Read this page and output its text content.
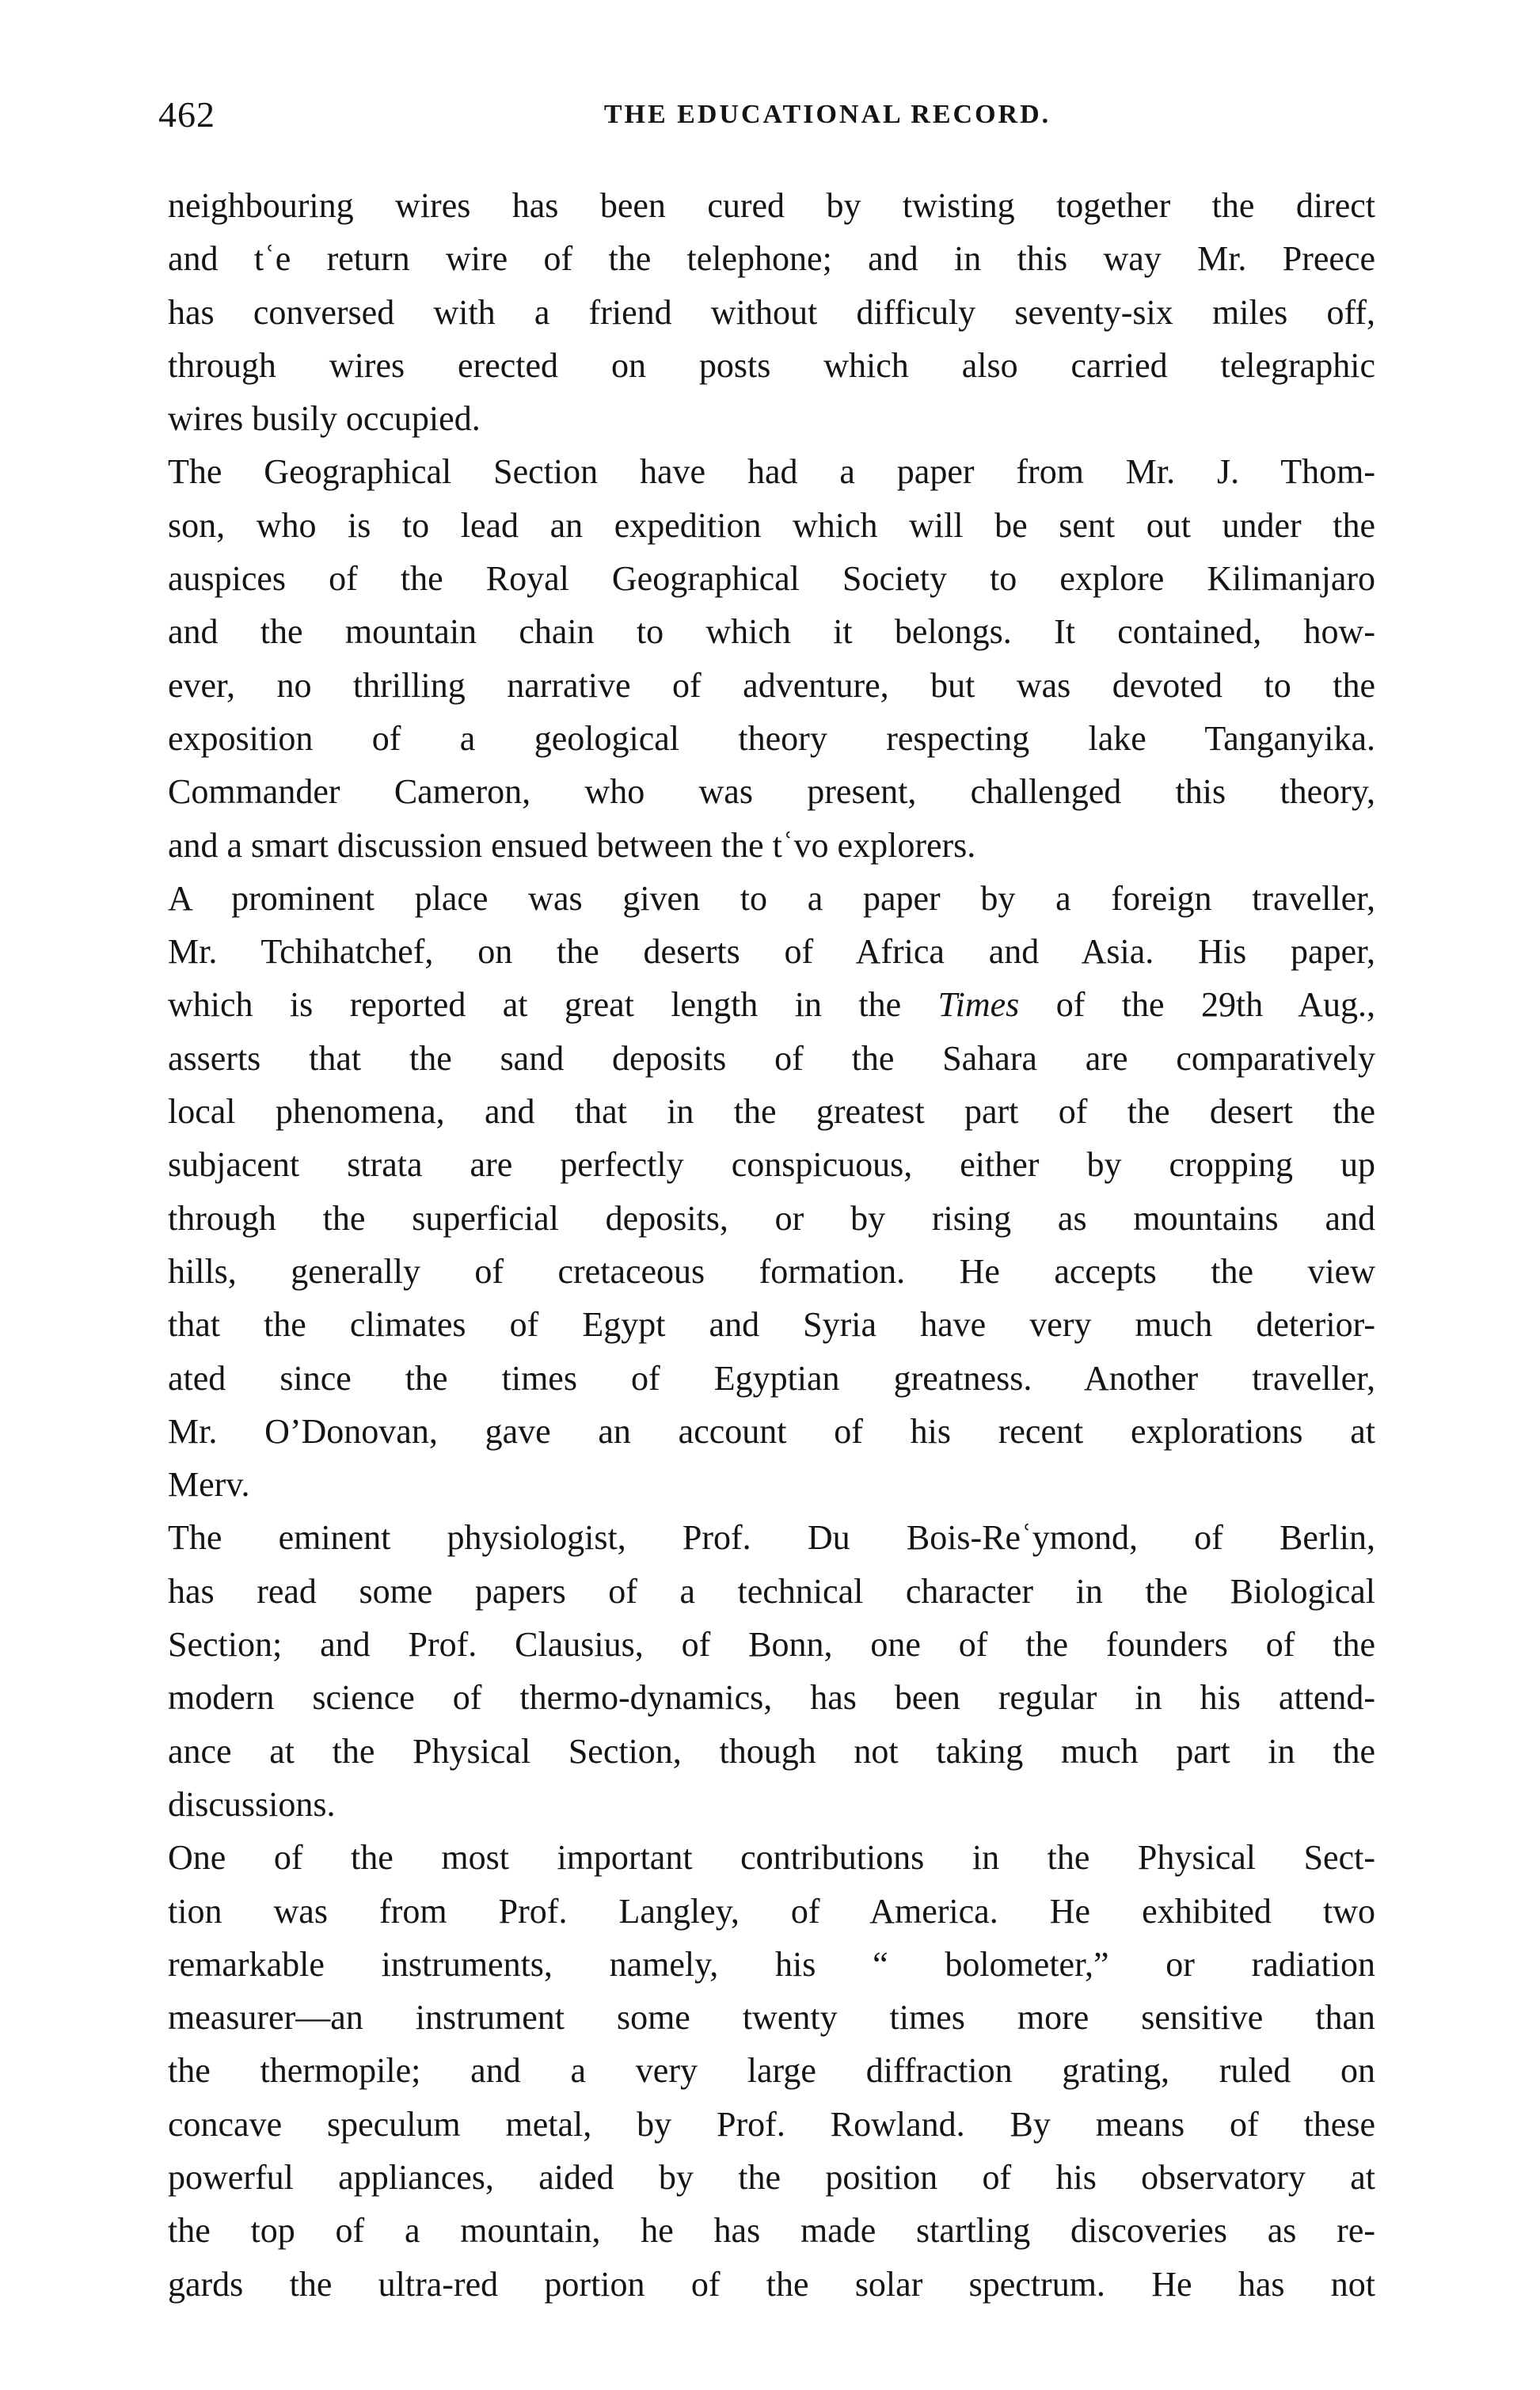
462	THE EDUCATIONAL RECORD.
neighbouring wires has been cured by twisting together the direct
and tʿe return wire of the telephone; and in this way Mr. Preece
has conversed with a friend without difficuly seventy-six miles off,
through wires erected on posts which also carried telegraphic
wires busily occupied.
The Geographical Section have had a paper from Mr. J. Thom-
son, who is to lead an expedition which will be sent out under the
auspices of the Royal Geographical Society to explore Kilimanjaro
and the mountain chain to which it belongs. It contained, how-
ever, no thrilling narrative of adventure, but was devoted to the
exposition of a geological theory respecting lake Tanganyika.
Commander Cameron, who was present, challenged this theory,
and a smart discussion ensued between the tʿvo explorers.
A prominent place was given to a paper by a foreign traveller,
Mr. Tchihatchef, on the deserts of Africa and Asia. His paper,
which is reported at great length in the Times of the 29th Aug.,
asserts that the sand deposits of the Sahara are comparatively
local phenomena, and that in the greatest part of the desert the
subjacent strata are perfectly conspicuous, either by cropping up
through the superficial deposits, or by rising as mountains and
hills, generally of cretaceous formation. He accepts the view
that the climates of Egypt and Syria have very much deterior-
ated since the times of Egyptian greatness. Another traveller,
Mr. O’Donovan, gave an account of his recent explorations at
Merv.
The eminent physiologist, Prof. Du Bois-Reʿymond, of Berlin,
has read some papers of a technical character in the Biological
Section; and Prof. Clausius, of Bonn, one of the founders of the
modern science of thermo-dynamics, has been regular in his attend-
ance at the Physical Section, though not taking much part in the
discussions.
One of the most important contributions in the Physical Sect-
tion was from Prof. Langley, of America. He exhibited two
remarkable instruments, namely, his “ bolometer,” or radiation
measurer—an instrument some twenty times more sensitive than
the thermopile; and a very large diffraction grating, ruled on
concave speculum metal, by Prof. Rowland. By means of these
powerful appliances, aided by the position of his observatory at
the top of a mountain, he has made startling discoveries as re-
gards the ultra-red portion of the solar spectrum. He has not
